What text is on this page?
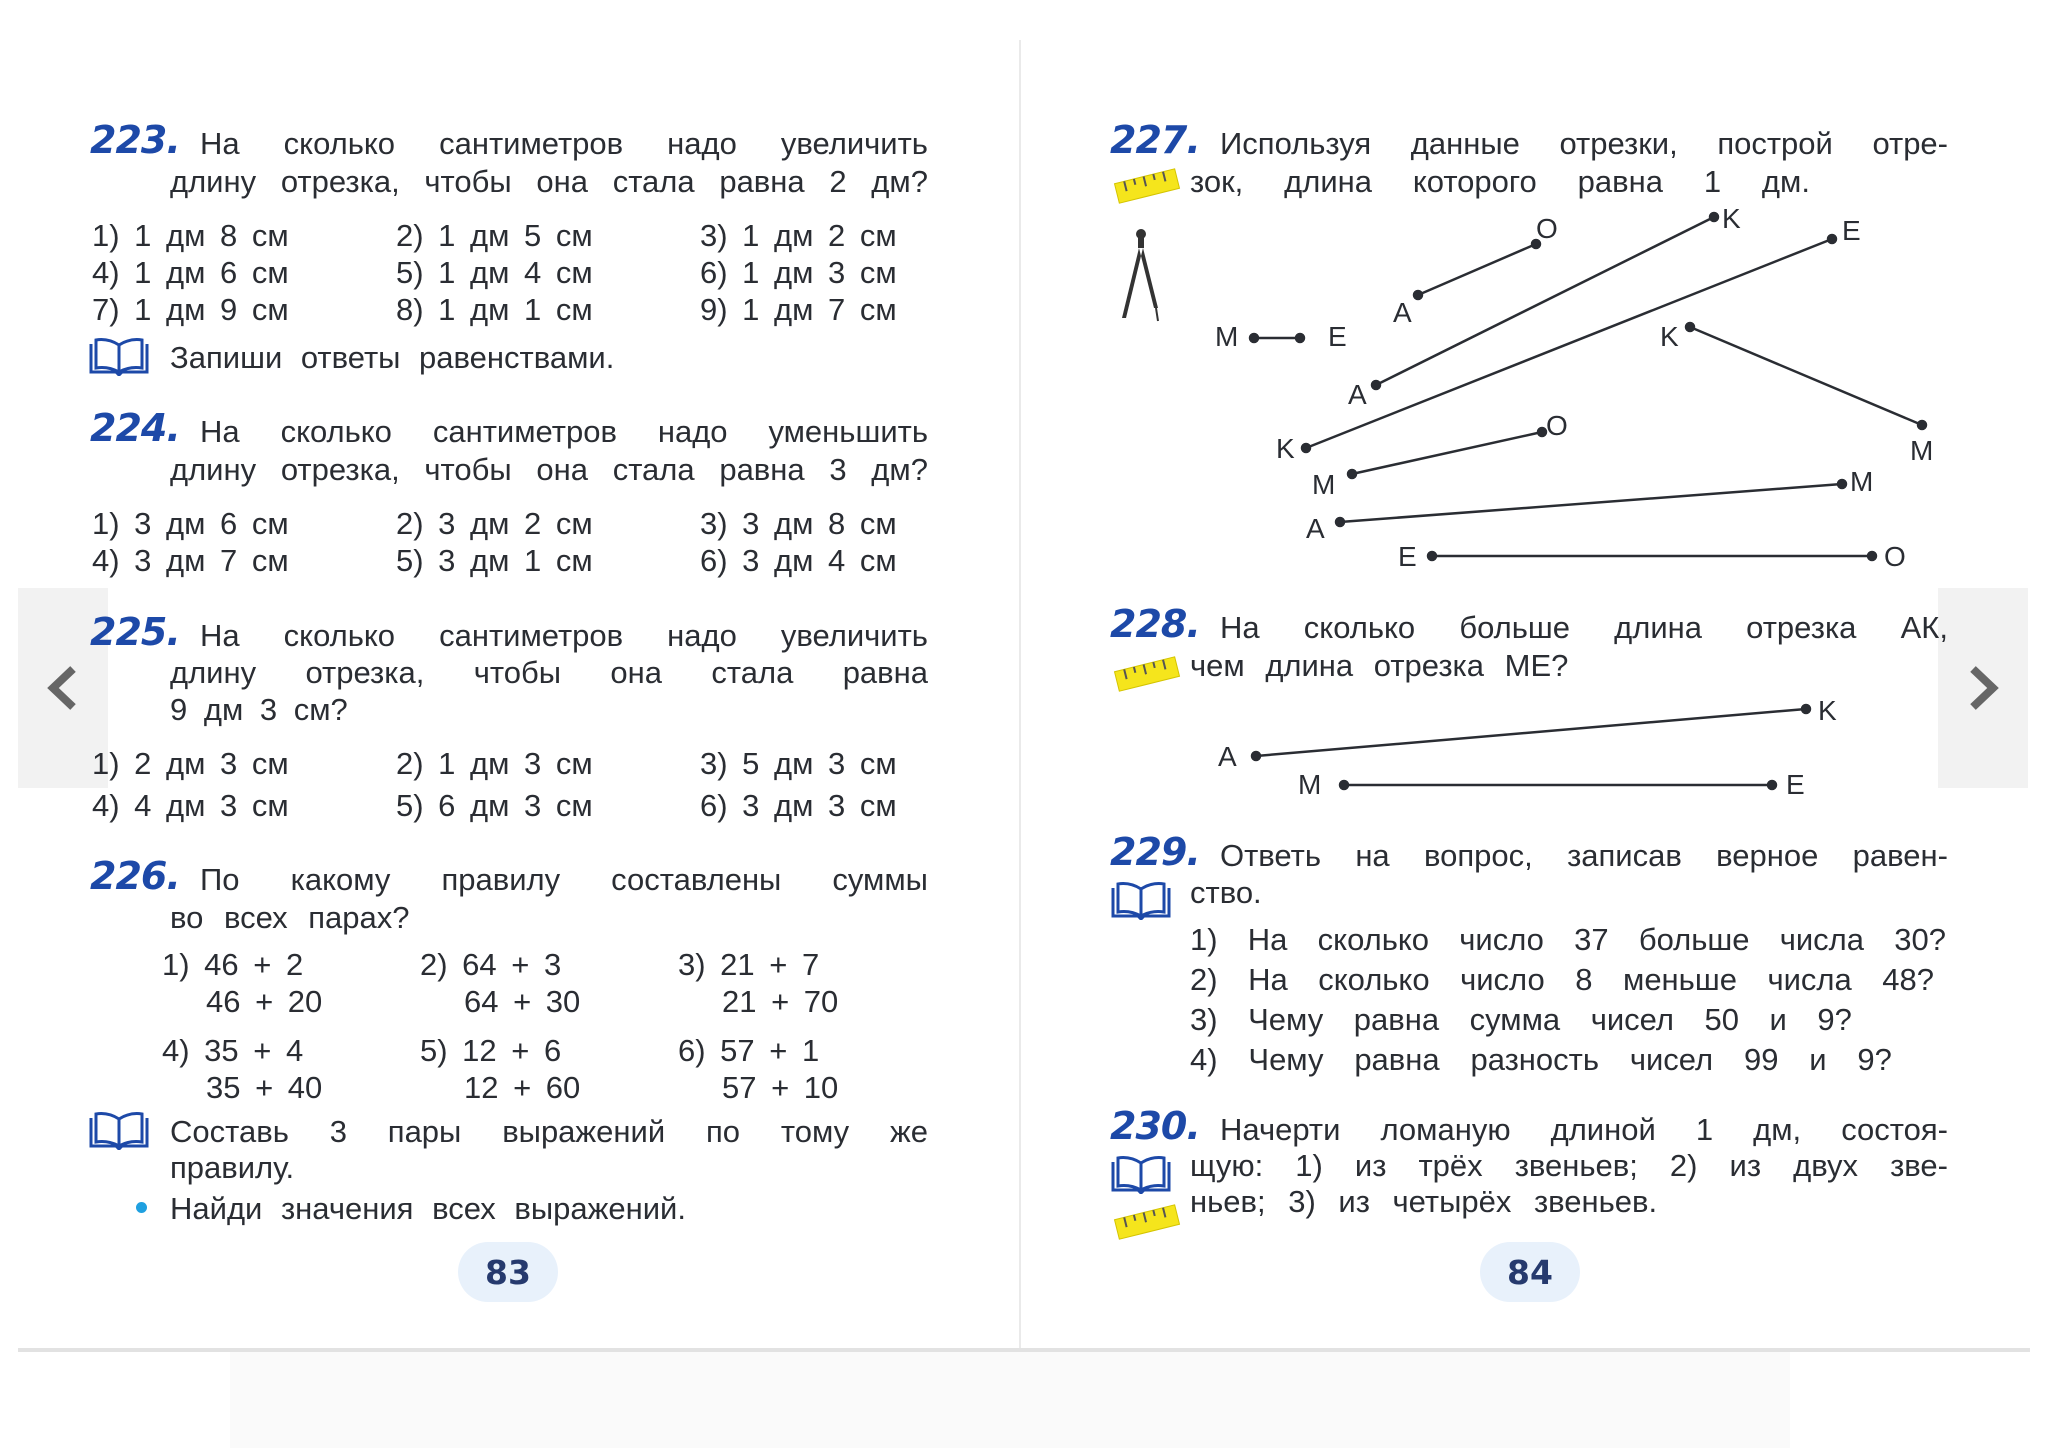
223. На сколько сантиметров надо увеличить
длину отрезка, чтобы она стала равна 2 дм?
1) 1 дм 8 см	2) 1 дм 5 см	3) 1 дм 2 см
4) 1 дм 6 см	5) 1 дм 4 см	6) 1 дм 3 см
7) 1 дм 9 см	8) 1 дм 1 см	9) 1 дм 7 см
Запиши ответы равенствами.
224. На сколько сантиметров надо уменьшить
длину отрезка, чтобы она стала равна 3 дм?
1) 3 дм 6 см	2) 3 дм 2 см	3) 3 дм 8 см
4) 3 дм 7 см	5) 3 дм 1 см	6) 3 дм 4 см
225. На сколько сантиметров надо увеличить
длину отрезка, чтобы она стала равна
9 дм 3 см?
1) 2 дм 3 см	2) 1 дм 3 см	3) 5 дм 3 см
4) 4 дм 3 см	5) 6 дм 3 см	6) 3 дм 3 см
226. По какому правилу составлены суммы
во всех парах?
1) 46 + 2
46 + 20
2) 64 + 3
64 + 30
3) 21 + 7
21 + 70
4) 35 + 4
35 + 40
5) 12 + 6
12 + 60
6) 57 + 1
57 + 10
Составь 3 пары выражений по тому же
правилу.
Найди значения всех выражений.
83
227. Используя данные отрезки, построй отре-
зок, длина которого равна 1 дм.
M	E
A
O	K
A
E
K
M
K
O
M	M
A
E	O
228. На сколько больше длина отрезка АК,
чем длина отрезка МЕ?
A
K
M	E
229. Ответь на вопрос, записав верное равен-
ство.
1) На сколько число 37 больше числа 30?
2) На сколько число 8 меньше числа 48?
3) Чему равна сумма чисел 50 и 9?
4) Чему равна разность чисел 99 и 9?
230. Начерти ломаную длиной 1 дм, состоя-
щую: 1) из трёх звеньев; 2) из двух зве-
ньев; 3) из четырёх звеньев.
84
